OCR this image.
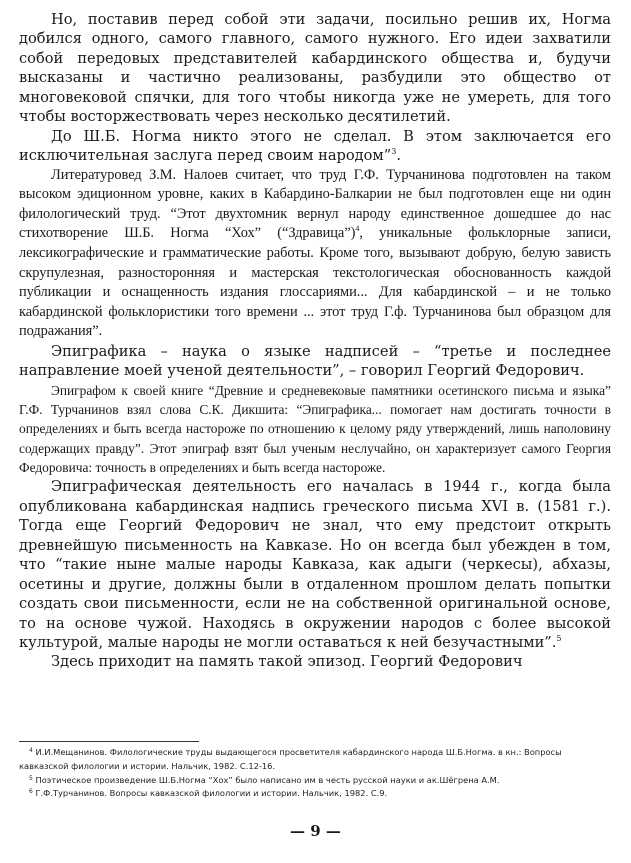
Но, поставив перед собой эти задачи, посильно решив их, Ногма добился одного, самого главного, самого нужного. Его идеи захватили собой передовых представителей кабардинского общества и, будучи высказаны и частично реализованы, разбудили это общество от многовековой спячки, для того чтобы никогда уже не умереть, для того чтобы восторжествовать через несколько десятилетий.

До Ш.Б. Ногма никто этого не сделал. В этом заключается его исключительная заслуга перед своим народом”$^3$.

Литературовед З.М. Налоев считает, что труд Г.Ф. Турчанинова подготовлен на таком высоком эдиционном уровне, каких в Кабардино-Балкарии не был подготовлен еще ни один филологический труд. “Этот двухтомник вернул народу единственное дошедшее до нас стихотворение Ш.Б. Ногма “Хох” (“Здравица”)$^4$, уникальные фольклорные записи, лексикографические и грамматические работы. Кроме того, вызывают добрую, белую зависть скрупулезная, разносторонняя и мастерская текстологическая обоснованность каждой публикации и оснащенность издания глоссариями... Для кабардинской – и не только кабардинской фольклористики того времени ... этот труд Г.ф. Турчанинова был образцом для подражания”.

Эпиграфика – наука о языке надписей – “третье и последнее направление моей ученой деятельности”, – говорил Георгий Федорович.

Эпиграфом к своей книге “Древние и средневековые памятники осетинского письма и языка” Г.Ф. Турчанинов взял слова С.К. Дикшита: “Эпиграфика... помогает нам достигать точности в определениях и быть всегда настороже по отношению к целому ряду утверждений, лишь наполовину содержащих правду”. Этот эпиграф взят был ученым неслучайно, он характеризует самого Георгия Федоровича: точность в определениях и быть всегда настороже.

Эпиграфическая деятельность его началась в 1944 г., когда была опубликована кабардинская надпись греческого письма XVI в. (1581 г.). Тогда еще Георгий Федорович не знал, что ему предстоит открыть древнейшую письменность на Кавказе. Но он всегда был убежден в том, что “такие ныне малые народы Кавказа, как адыги (черкесы), абхазы, осетины и другие, должны были в отдаленном прошлом делать попытки создать свои письменности, если не на собственной оригинальной основе, то на основе чужой. Находясь в окружении народов с более высокой культурой, малые народы не могли оставаться к ней безучастными”.$^5$

Здесь приходит на память такой эпизод. Георгий Федорович

$^4$ И.И.Мещанинов. Филологические труды выдающегося просветителя кабардинского народа Ш.Б.Ногма. в кн.: Вопросы кавказской филологии и истории. Нальчик, 1982. С.12-16.

$^5$ Поэтическое произведение Ш.Б.Ногма “Хох” было написано им в честь русской науки и ак.Шёгрена А.М.

$^6$ Г.Ф.Турчанинов. Вопросы кавказской филологии и истории. Нальчик, 1982. С.9.

— 9 —
